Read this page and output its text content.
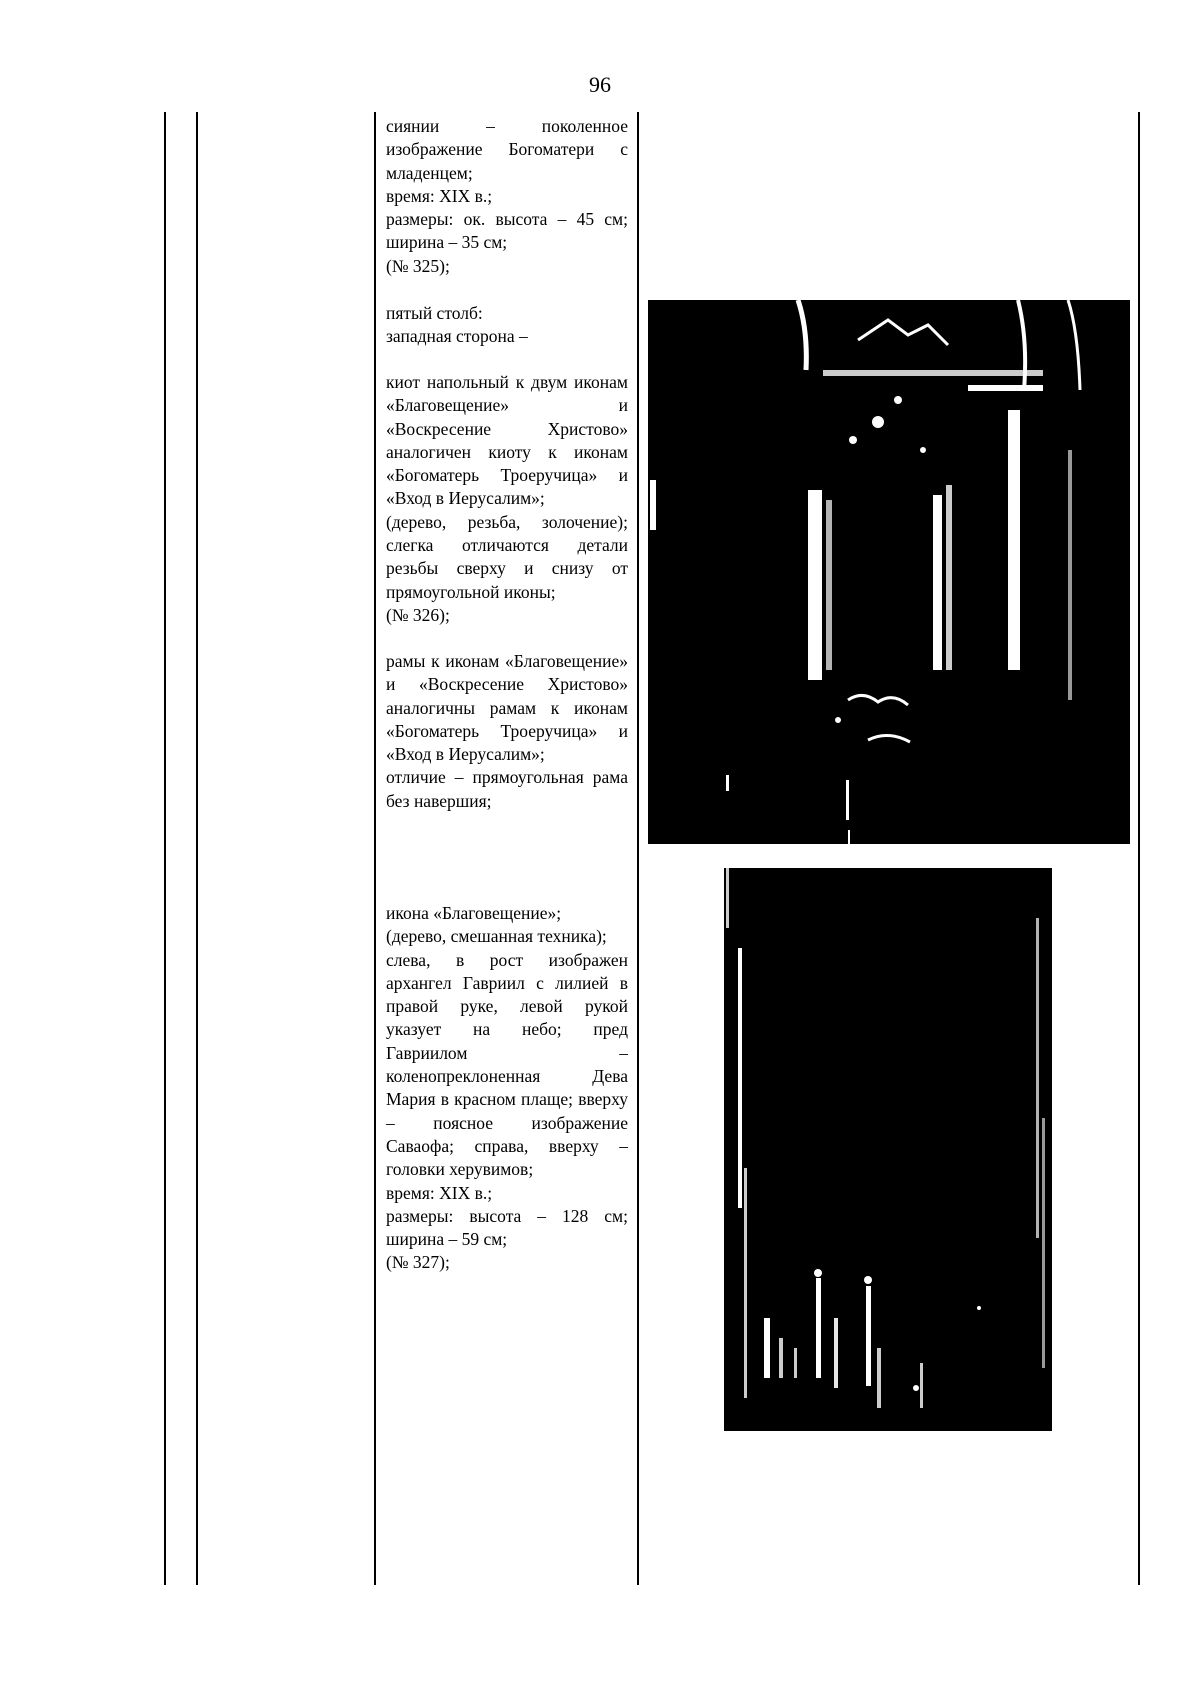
96

сиянии – поколенное изображение Богоматери с младенцем;
время: XIX в.;
размеры: ок. высота – 45 см; ширина – 35 см;
(№ 325);

пятый столб:
западная сторона –

киот напольный к двум иконам «Благовещение» и «Воскресение Христово» аналогичен киоту к иконам «Богоматерь Троеручица» и «Вход в Иерусалим»;
(дерево, резьба, золочение); слегка отличаются детали резьбы сверху и снизу от прямоугольной иконы;
(№ 326);

рамы к иконам «Благовещение» и «Воскресение Христово» аналогичны рамам к иконам «Богоматерь Троеручица» и «Вход в Иерусалим»;
отличие – прямоугольная рама без навершия;

икона «Благовещение»;
(дерево, смешанная техника);
слева, в рост изображен архангел Гавриил с лилией в правой руке, левой рукой указует на небо; пред Гавриилом – коленопреклоненная Дева Мария в красном плаще; вверху – поясное изображение Саваофа; справа, вверху – головки херувимов;
время: XIX в.;
размеры: высота – 128 см; ширина – 59 см;
(№ 327);
